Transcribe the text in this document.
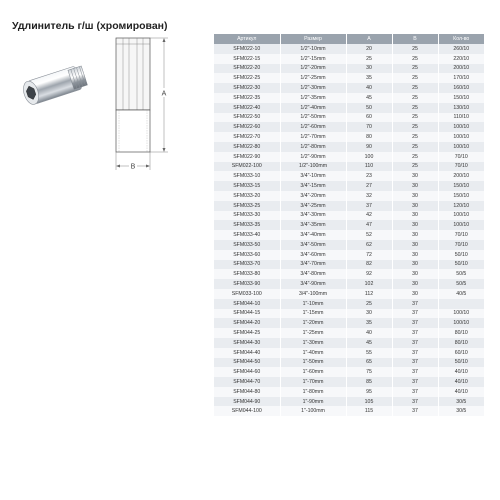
Удлинитель г/ш (хромирован)
A
B
Артикул	Размер	A	B	Кол-во
SFM022-10	1/2"-10mm	20	25	260/10
SFM022-15	1/2"-15mm	25	25	220/10
SFM022-20	1/2"-20mm	30	25	200/10
SFM022-25	1/2"-25mm	35	25	170/10
SFM022-30	1/2"-30mm	40	25	160/10
SFM022-35	1/2"-35mm	45	25	150/10
SFM022-40	1/2"-40mm	50	25	130/10
SFM022-50	1/2"-50mm	60	25	110/10
SFM022-60	1/2"-60mm	70	25	100/10
SFM022-70	1/2"-70mm	80	25	100/10
SFM022-80	1/2"-80mm	90	25	100/10
SFM022-90	1/2"-90mm	100	25	70/10
SFM022-100	1/2"-100mm	110	25	70/10
SFM033-10	3/4"-10mm	23	30	200/10
SFM033-15	3/4"-15mm	27	30	150/10
SFM033-20	3/4"-20mm	32	30	150/10
SFM033-25	3/4"-25mm	37	30	120/10
SFM033-30	3/4"-30mm	42	30	100/10
SFM033-35	3/4"-35mm	47	30	100/10
SFM033-40	3/4"-40mm	52	30	70/10
SFM033-50	3/4"-50mm	62	30	70/10
SFM033-60	3/4"-60mm	72	30	50/10
SFM033-70	3/4"-70mm	82	30	50/10
SFM033-80	3/4"-80mm	92	30	50/5
SFM033-90	3/4"-90mm	102	30	50/5
SFM033-100	3/4"-100mm	112	30	40/5
SFM044-10	1"-10mm	25	37	
SFM044-15	1"-15mm	30	37	100/10
SFM044-20	1"-20mm	35	37	100/10
SFM044-25	1"-25mm	40	37	80/10
SFM044-30	1"-30mm	45	37	80/10
SFM044-40	1"-40mm	55	37	60/10
SFM044-50	1"-50mm	65	37	50/10
SFM044-60	1"-60mm	75	37	40/10
SFM044-70	1"-70mm	85	37	40/10
SFM044-80	1"-80mm	95	37	40/10
SFM044-90	1"-90mm	105	37	30/5
SFM044-100	1"-100mm	115	37	30/5
